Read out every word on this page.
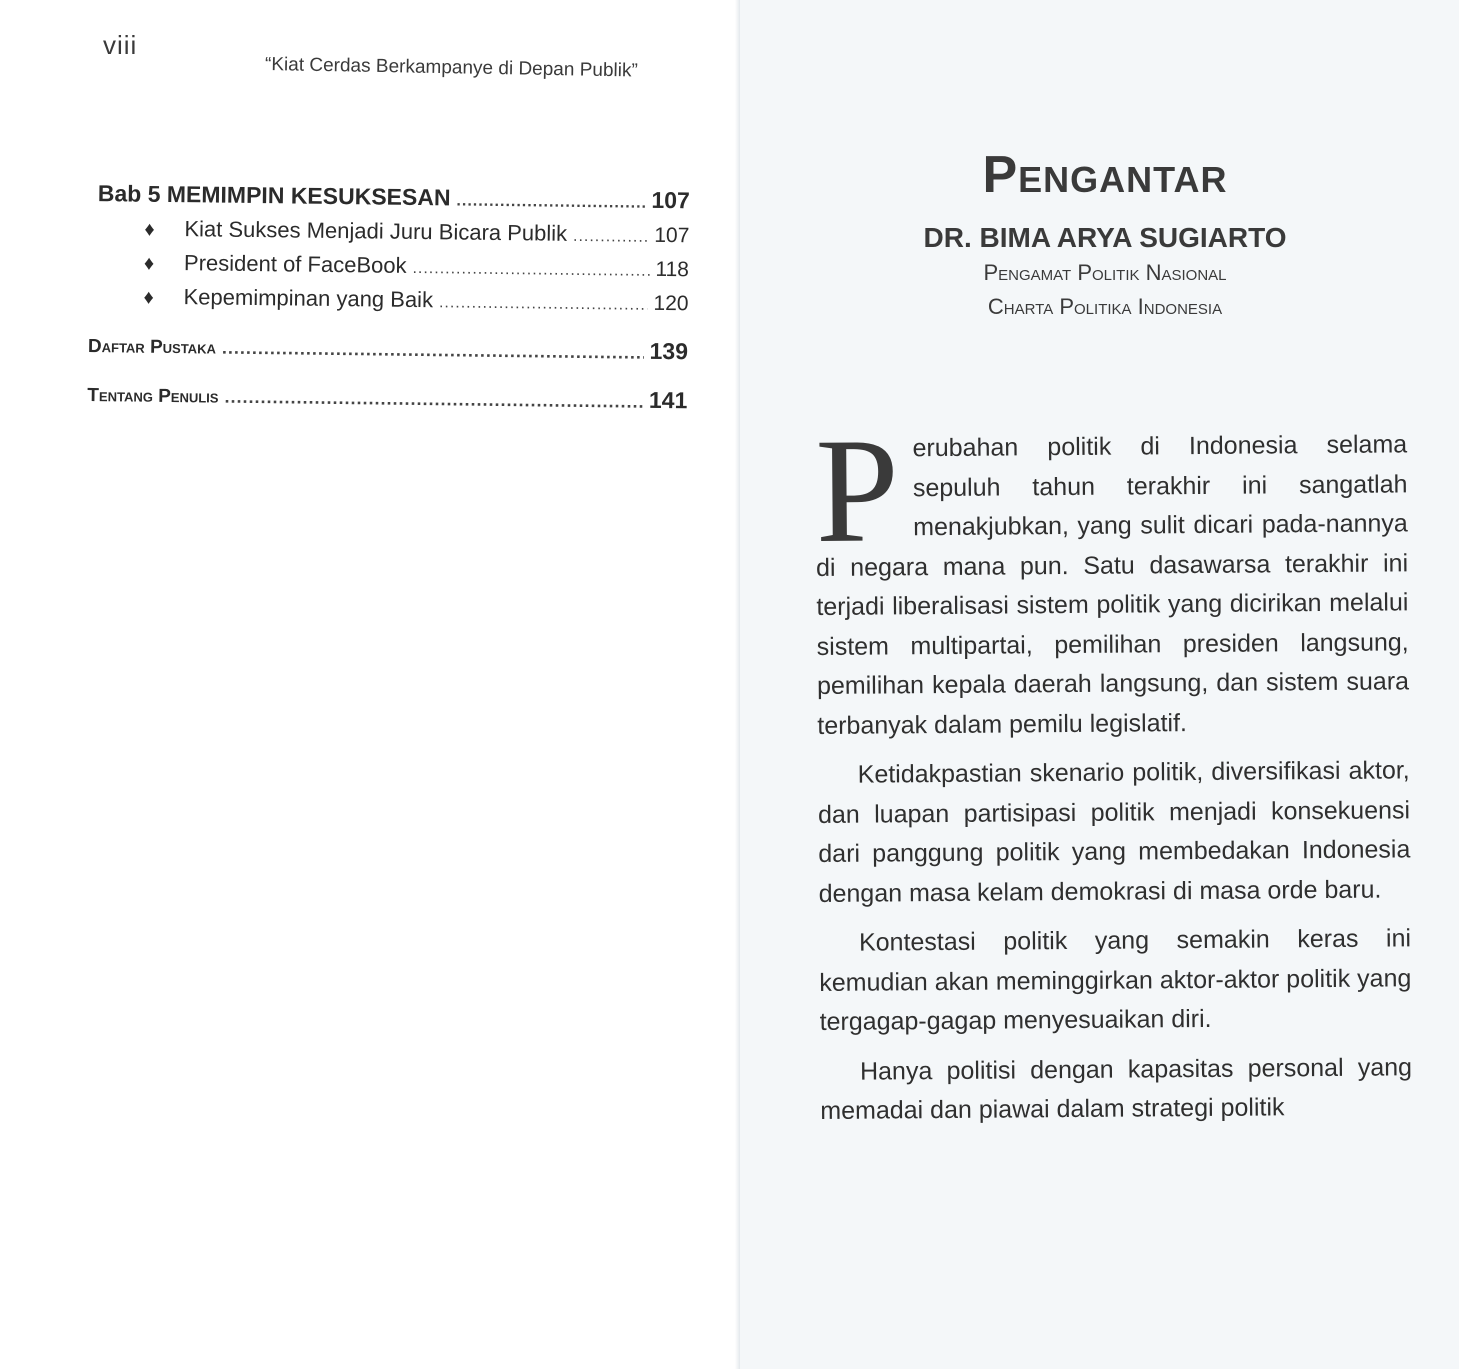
viii
“Kiat Cerdas Berkampanye di Depan Publik”
Bab 5 MEMIMPIN KESUKSESAN .....	107
♦	Kiat Sukses Menjadi Juru Bicara Publik .....	107
♦	President of FaceBook .....	118
♦	Kepemimpinan yang Baik .....	120
Daftar Pustaka .....	139
Tentang Penulis .....	141
Pengantar
DR. BIMA ARYA SUGIARTO
Pengamat Politik Nasional
Charta Politika Indonesia

Perubahan politik di Indonesia selama sepuluh tahun terakhir ini sangatlah menakjubkan, yang sulit dicari pada-nannya di negara mana pun. Satu dasawarsa terakhir ini terjadi liberalisasi sistem politik yang dicirikan melalui sistem multipartai, pemilihan presiden langsung, pemilihan kepala daerah langsung, dan sistem suara terbanyak dalam pemilu legislatif.

Ketidakpastian skenario politik, diversifikasi aktor, dan luapan partisipasi politik menjadi konsekuensi dari panggung politik yang membedakan Indonesia dengan masa kelam demokrasi di masa orde baru.

Kontestasi politik yang semakin keras ini kemudian akan meminggirkan aktor-aktor politik yang tergagap-gagap menyesuaikan diri.

Hanya politisi dengan kapasitas personal yang memadai dan piawai dalam strategi politik
